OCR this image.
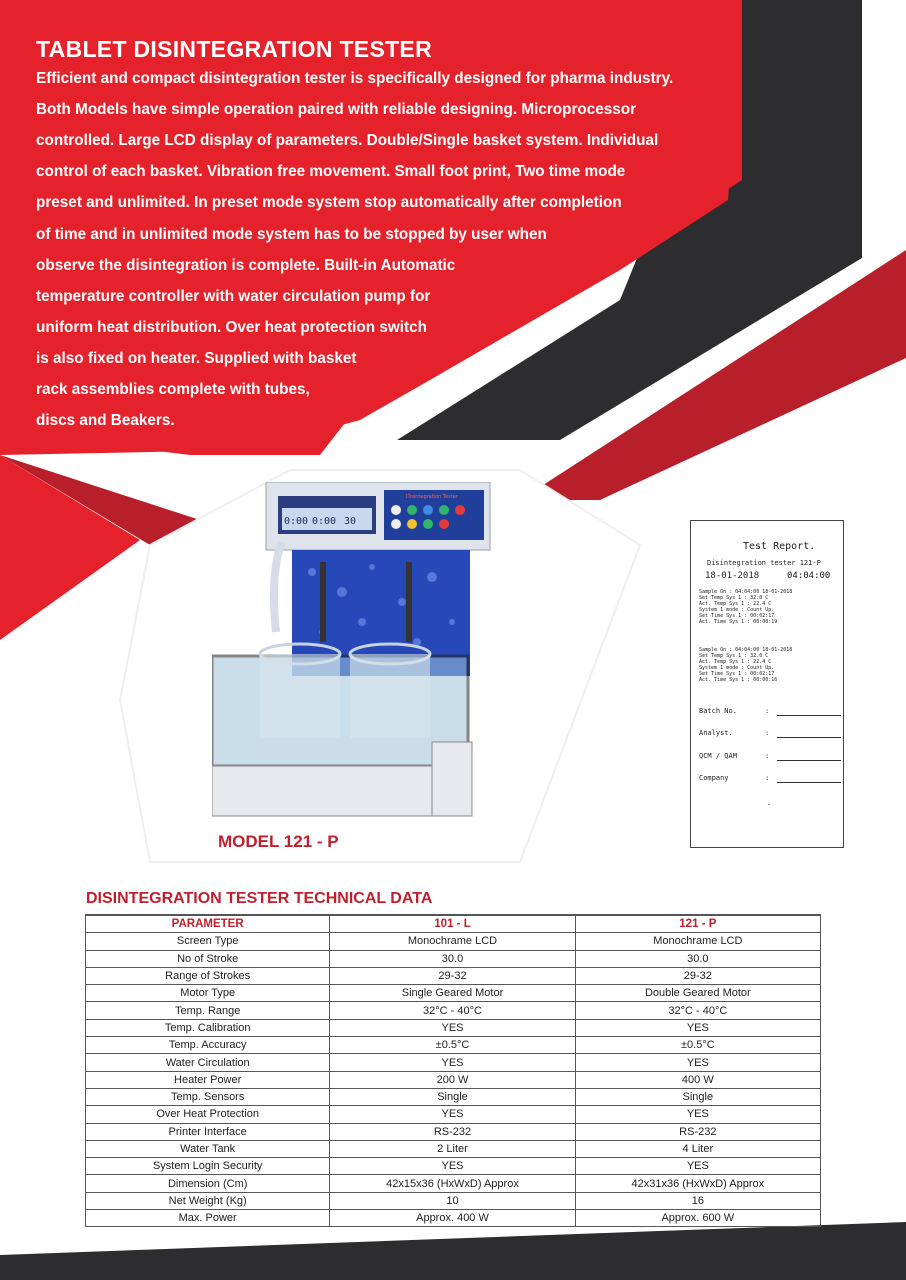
TABLET DISINTEGRATION TESTER
Efficient and compact disintegration tester is specifically designed for pharma industry.
Both Models have simple operation paired with reliable designing. Microprocessor
controlled. Large LCD display of parameters. Double/Single basket system. Individual
control of each basket. Vibration free movement. Small foot print, Two time mode
preset and unlimited. In preset mode system stop automatically after completion
of time and in unlimited mode system has to be stopped by user when
observe the disintegration is complete. Built-in Automatic
temperature controller with water circulation pump for
uniform heat distribution. Over heat protection switch
is also fixed on heater. Supplied with basket
rack assemblies complete with tubes,
discs and Beakers.
0:00 0:00 30
Disintegration Tester
MODEL 121 - P
Test Report.
Disintegration tester 121-P
18-01-2018	04:04:00
Sample On : 04:04:00 18-01-2018
Set Temp Sys 1 : 32.0 C
Act. Temp Sys 1 : 22.4 C
System 1 mode : Count Up.
Set Time Sys 1 : 00:02:17
Act. Time Sys 1 : 00:00:19
Sample On : 04:04:00 18-01-2018
Set Temp Sys 1 : 32.0 C
Act. Temp Sys 1 : 22.4 C
System 1 mode : Count Up.
Set Time Sys 1 : 00:02:17
Act. Time Sys 1 : 00:00:16
Batch No.	:
Analyst.	:
QCM / QAM	:
Company	:
-
DISINTEGRATION TESTER TECHNICAL DATA
PARAMETER	101 - L	121 - P
Screen Type	Monochrame LCD	Monochrame LCD
No of Stroke	30.0	30.0
Range of Strokes	29-32	29-32
Motor Type	Single Geared Motor	Double Geared Motor
Temp. Range	32°C - 40°C	32°C - 40°C
Temp. Calibration	YES	YES
Temp. Accuracy	±0.5°C	±0.5°C
Water Circulation	YES	YES
Heater Power	200 W	400 W
Temp. Sensors	Single	Single
Over Heat Protection	YES	YES
Printer Interface	RS-232	RS-232
Water Tank	2 Liter	4 Liter
System Login Security	YES	YES
Dimension (Cm)	42x15x36 (HxWxD) Approx	42x31x36 (HxWxD) Approx
Net Weight (Kg)	10	16
Max. Power	Approx. 400 W	Approx. 600 W
